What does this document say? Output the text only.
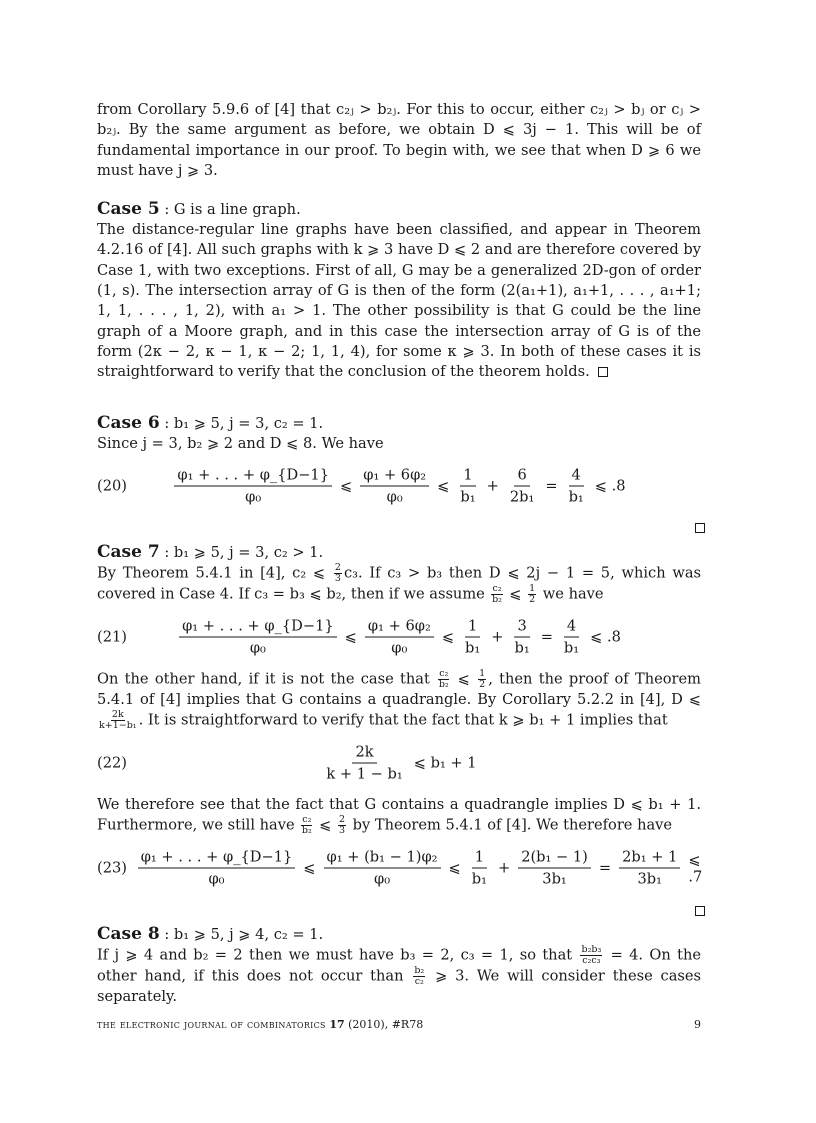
from Corollary 5.9.6 of [4] that c₂ⱼ > b₂ⱼ. For this to occur, either c₂ⱼ > bⱼ or cⱼ > b₂ⱼ. By the same argument as before, we obtain D ⩽ 3j − 1. This will be of fundamental importance in our proof. To begin with, we see that when D ⩾ 6 we must have j ⩾ 3.

Case 5 : G is a line graph.

The distance-regular line graphs have been classified, and appear in Theorem 4.2.16 of [4]. All such graphs with k ⩾ 3 have D ⩽ 2 and are therefore covered by Case 1, with two exceptions. First of all, G may be a generalized 2D-gon of order (1, s). The intersection array of G is then of the form (2(a₁+1), a₁+1, . . . , a₁+1; 1, 1, . . . , 1, 2), with a₁ > 1. The other possibility is that G could be the line graph of a Moore graph, and in this case the intersection array of G is of the form (2κ − 2, κ − 1, κ − 2; 1, 1, 4), for some κ ⩾ 3. In both of these cases it is straightforward to verify that the conclusion of the theorem holds.

Case 6 : b₁ ⩾ 5, j = 3, c₂ = 1.

Since j = 3, b₂ ⩾ 2 and D ⩽ 8. We have

(20)	$\frac{\text{φ₁ + . . . + φ\_\{D−1\}}}{\text{φ₀}}$ ⩽ $\frac{\text{φ₁ + 6φ₂}}{\text{φ₀}}$ ⩽ $\frac{1}{\text{b₁}} + \frac{6}{\text{2b₁}} = \frac{4}{\text{b₁}}$ ⩽ .8
Case 7 : b₁ ⩾ 5, j = 3, c₂ > 1.

By Theorem 5.4.1 in [4], c₂ ⩽ $\frac{2}{3} c_3$. If c₃ > b₃ then D ⩽ 2j − 1 = 5, which was covered in Case 4. If c₃ = b₃ ⩽ b₂, then if we assume $\frac{\text{c₂}}{\text{b₂}}$ ⩽ $\frac{1}{2}$ we have

(21)	$\frac{\text{φ₁ + . . . + φ\_\{D−1\}}}{\text{φ₀}}$ ⩽ $\frac{\text{φ₁ + 6φ₂}}{\text{φ₀}}$ ⩽ $\frac{1}{\text{b₁}} + \frac{3}{\text{b₁}} = \frac{4}{\text{b₁}}$ ⩽ .8

On the other hand, if it is not the case that $\frac{\text{c₂}}{\text{b₂}}$ ⩽ $\frac{1}{2}$ , then the proof of Theorem 5.4.1 of [4] implies that G contains a quadrangle. By Corollary 5.2.2 in [4], D ⩽
$\frac{2k}{\text{k+1−b₁}}$ . It is straightforward to verify that the fact that k ⩾ b₁ + 1 implies that

(22)	$\frac{2k}{\text{k + 1 − b₁}}$ ⩽ b₁ + 1

We therefore see that the fact that G contains a quadrangle implies D ⩽ b₁ + 1. Furthermore, we still have $\frac{\text{c₂}}{\text{b₂}}$ ⩽ $\frac{2}{3}$ by Theorem 5.4.1 of [4]. We therefore have

$(23) \frac{\text{φ₁ + . . . + φ\_\{D−1\}}}{\text{φ₀}}$ ⩽ $\frac{\text{φ₁ + (b₁ − 1)φ₂}}{\text{φ₀}}$ ⩽ $\frac{1}{\text{b₁}} + \frac{\text{2(b₁ − 1)}}{\text{3b₁}} = \frac{\text{2b₁ + 1}}{\text{3b₁}}$ ⩽ .7
Case 8 : b₁ ⩾ 5, j ⩾ 4, c₂ = 1.

If j ⩾ 4 and b₂ = 2 then we must have b₃ = 2, c₃ = 1, so that $\frac{\text{b₂b₃}}{\text{c₂c₃}} = 4$. On the other hand, if this does not occur than $\frac{\text{b₂}}{\text{c₂}}$ ⩾ 3. We will consider these cases separately.

the electronic journal of combinatorics 17 (2010), #R78	9
